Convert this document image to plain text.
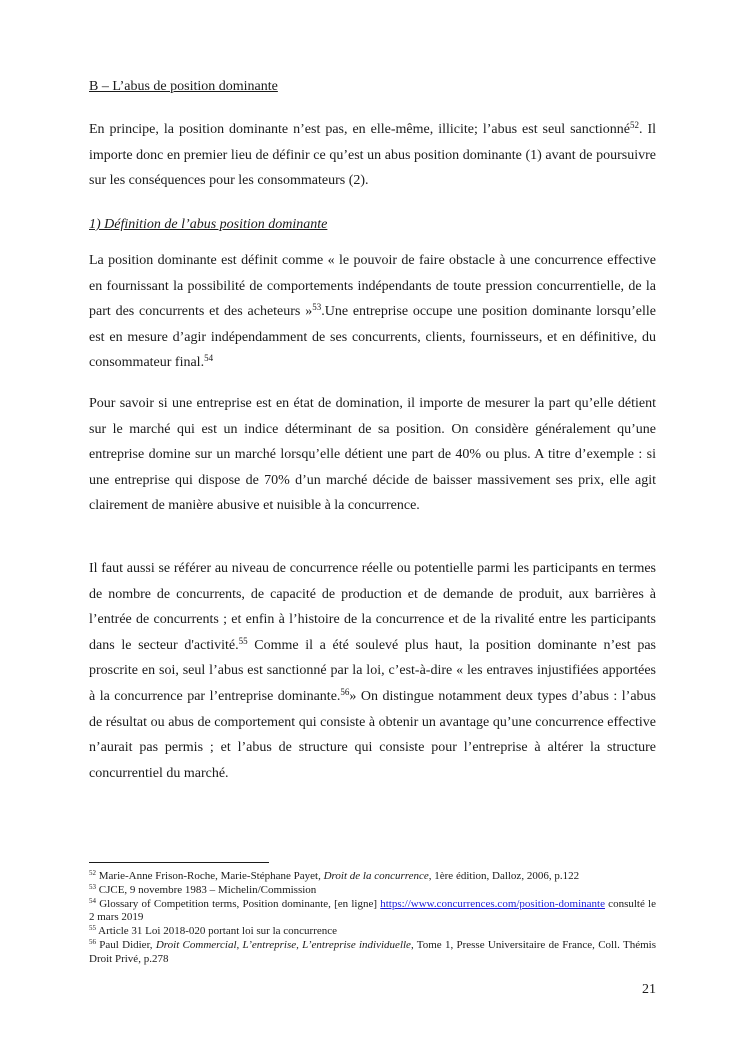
B – L’abus de position dominante

En principe, la position dominante n’est pas, en elle-même, illicite; l’abus est seul sanctionné$^{52}$. Il importe donc en premier lieu de définir ce qu’est un abus position dominante (1) avant de poursuivre sur les conséquences pour les consommateurs (2).

1) Définition de l’abus position dominante

La position dominante est définit comme « le pouvoir de faire obstacle à une concurrence effective en fournissant la possibilité de comportements indépendants de toute pression concurrentielle, de la part des concurrents et des acheteurs »$^{53}$.Une entreprise occupe une position dominante lorsqu’elle est en mesure d’agir indépendamment de ses concurrents, clients, fournisseurs, et en définitive, du consommateur final.$^{54}$

Pour savoir si une entreprise est en état de domination, il importe de mesurer la part qu’elle détient sur le marché qui est un indice déterminant de sa position. On considère généralement qu’une entreprise domine sur un marché lorsqu’elle détient une part de 40% ou plus. A titre d’exemple : si une entreprise qui dispose de 70% d’un marché décide de baisser massivement ses prix, elle agit clairement de manière abusive et nuisible à la concurrence.

Il faut aussi se référer au niveau de concurrence réelle ou potentielle parmi les participants en termes de nombre de concurrents, de capacité de production et de demande de produit, aux barrières à l’entrée de concurrents ; et enfin à l’histoire de la concurrence et de la rivalité entre les participants dans le secteur d'activité.$^{55}$ Comme il a été soulevé plus haut, la position dominante n’est pas proscrite en soi, seul l’abus est sanctionné par la loi, c’est-à-dire « les entraves injustifiées apportées à la concurrence par l’entreprise dominante.$^{56}$» On distingue notamment deux types d’abus : l’abus de résultat ou abus de comportement qui consiste à obtenir un avantage qu’une concurrence effective n’aurait pas permis ; et l’abus de structure qui consiste pour l’entreprise à altérer la structure concurrentiel du marché.

$^{52}$ Marie-Anne Frison-Roche, Marie-Stéphane Payet, Droit de la concurrence, 1ère édition, Dalloz, 2006, p.122

$^{53}$ CJCE, 9 novembre 1983 – Michelin/Commission

$^{54}$ Glossary of Competition terms, Position dominante, [en ligne] https://www.concurrences.com/position-dominante consulté le 2 mars 2019

$^{55}$ Article 31 Loi 2018-020 portant loi sur la concurrence

$^{56}$ Paul Didier, Droit Commercial, L’entreprise, L’entreprise individuelle, Tome 1, Presse Universitaire de France, Coll. Thémis Droit Privé, p.278

21
